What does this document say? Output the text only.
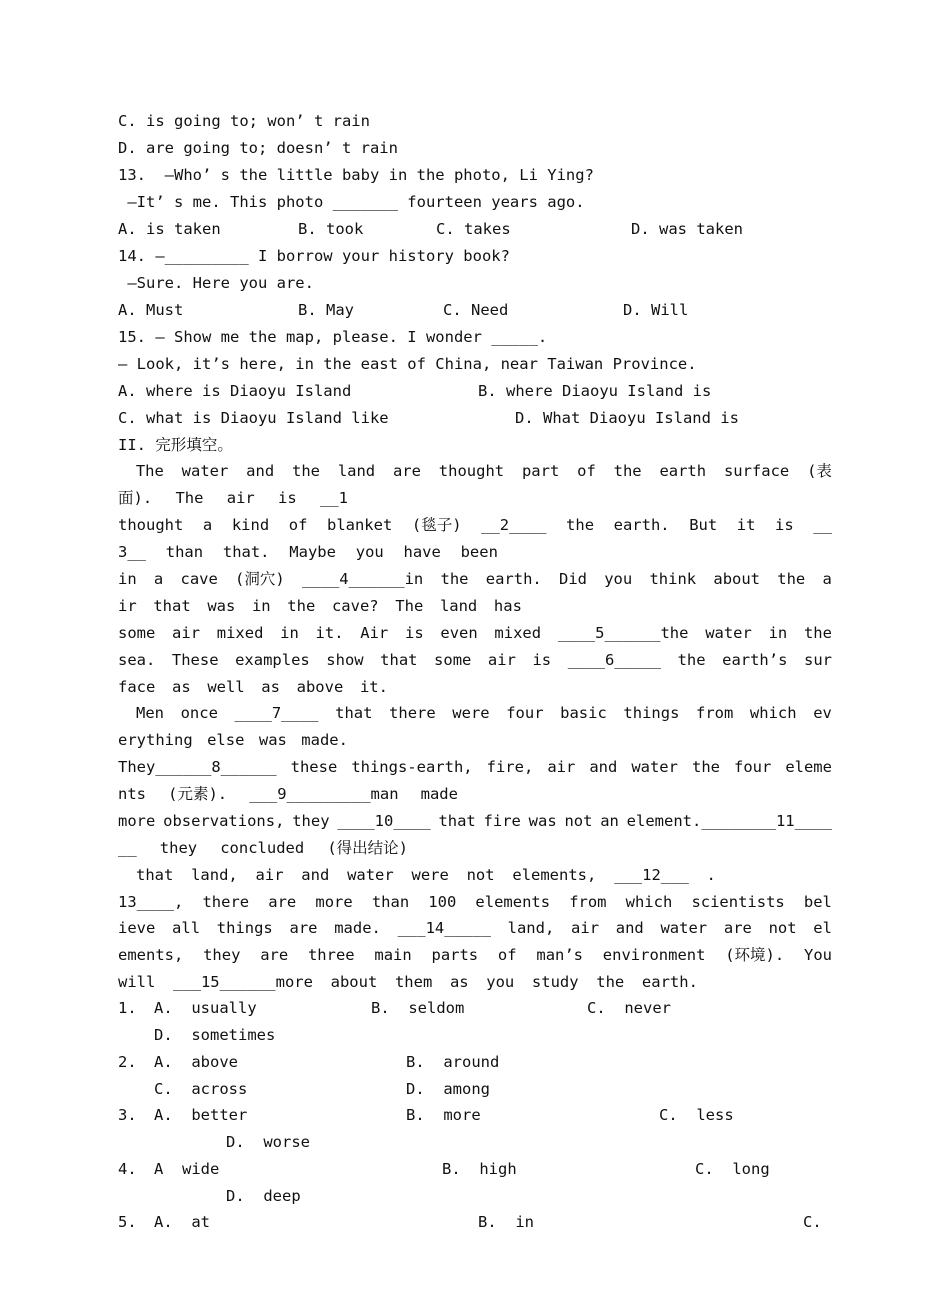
C. is going to; won’ t rain
D. are going to; doesn’ t rain
13.  —Who’ s the little baby in the photo, Li Ying?
—It’ s me. This photo _______ fourteen years ago.
A. is taken	B. took	C. takes	D. was taken
14. —_________ I borrow your history book?
—Sure. Here you are.
A. Must	B. May	C. Need	D. Will
15. — Show me the map, please. I wonder _____.
— Look, it’s here, in the east of China, near Taiwan Province.
A. where is Diaoyu Island	B. where Diaoyu Island is
C. what is Diaoyu Island like	D. What Diaoyu Island is
II. 完形填空。
The water and the land are thought part of the earth surface (表
面). The air is __1
thought a kind of blanket (毯子) __2____ the earth. But it is __
3__ than that. Maybe you have been
in a cave (洞穴) ____4______in the earth. Did you think about the a
ir that was in the cave? The land has
some air mixed in it. Air is even mixed ____5______the water in the
sea. These examples show that some air is ____6_____ the earth’s sur
face as well as above it.
Men once ____7____ that there were four basic things from which ev
erything else was made.
They______8______ these things-earth, fire, air and water the four eleme
nts (元素). ___9_________man made
more observations, they ____10____ that fire was not an element.________11____
__ they concluded (得出结论)
that land, air and water were not elements, ___12___ .
13____, there are more than 100 elements from which scientists bel
ieve all things are made. ___14_____ land, air and water are not el
ements, they are three main parts of man’s environment (环境). You
will ___15______more about them as you study the earth.
1. A.  usually	B.  seldom	C.  never
D.  sometimes
2. A.  above	B.  around
C.  across	D.  among
3. A.  better	B.  more	C.  less
D.  worse
4. A  wide	B.  high	C.  long
D.  deep
5. A.  at	B.  in	C.
